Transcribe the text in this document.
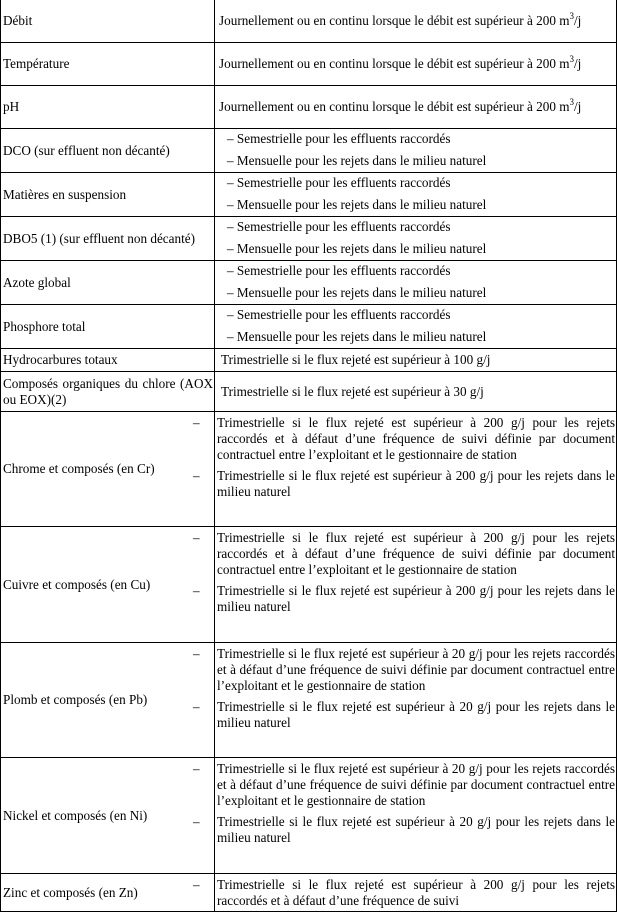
Débit	Journellement ou en continu lorsque le débit est supérieur à 200 $m^3/j$

Température	Journellement ou en continu lorsque le débit est supérieur à 200 $m^3/j$

pH	Journellement ou en continu lorsque le débit est supérieur à 200 $m^3/j$

DCO (sur effluent non décanté)	– Semestrielle pour les effluents raccordés
– Mensuelle pour les rejets dans le milieu naturel

Matières en suspension	– Semestrielle pour les effluents raccordés
– Mensuelle pour les rejets dans le milieu naturel

DBO5 (1) (sur effluent non décanté)	– Semestrielle pour les effluents raccordés
– Mensuelle pour les rejets dans le milieu naturel

Azote global	– Semestrielle pour les effluents raccordés
– Mensuelle pour les rejets dans le milieu naturel

Phosphore total	– Semestrielle pour les effluents raccordés
– Mensuelle pour les rejets dans le milieu naturel

Hydrocarbures totaux	Trimestrielle si le flux rejeté est supérieur à 100 g/j

Composés organiques du chlore (AOX ou EOX)(2)	Trimestrielle si le flux rejeté est supérieur à 30 g/j

Chrome et composés (en Cr)	– Trimestrielle si le flux rejeté est supérieur à 200 g/j pour les rejets raccordés et à défaut d’une fréquence de suivi définie par document contractuel entre l’exploitant et le gestionnaire de station
– Trimestrielle si le flux rejeté est supérieur à 200 g/j pour les rejets dans le milieu naturel

Cuivre et composés (en Cu)	– Trimestrielle si le flux rejeté est supérieur à 200 g/j pour les rejets raccordés et à défaut d’une fréquence de suivi définie par document contractuel entre l’exploitant et le gestionnaire de station
– Trimestrielle si le flux rejeté est supérieur à 200 g/j pour les rejets dans le milieu naturel

Plomb et composés (en Pb)	– Trimestrielle si le flux rejeté est supérieur à 20 g/j pour les rejets raccordés et à défaut d’une fréquence de suivi définie par document contractuel entre l’exploitant et le gestionnaire de station
– Trimestrielle si le flux rejeté est supérieur à 20 g/j pour les rejets dans le milieu naturel

Nickel et composés (en Ni)	– Trimestrielle si le flux rejeté est supérieur à 20 g/j pour les rejets raccordés et à défaut d’une fréquence de suivi définie par document contractuel entre l’exploitant et le gestionnaire de station
– Trimestrielle si le flux rejeté est supérieur à 20 g/j pour les rejets dans le milieu naturel

Zinc et composés (en Zn)	– Trimestrielle si le flux rejeté est supérieur à 200 g/j pour les rejets raccordés et à défaut d’une fréquence de suivi
